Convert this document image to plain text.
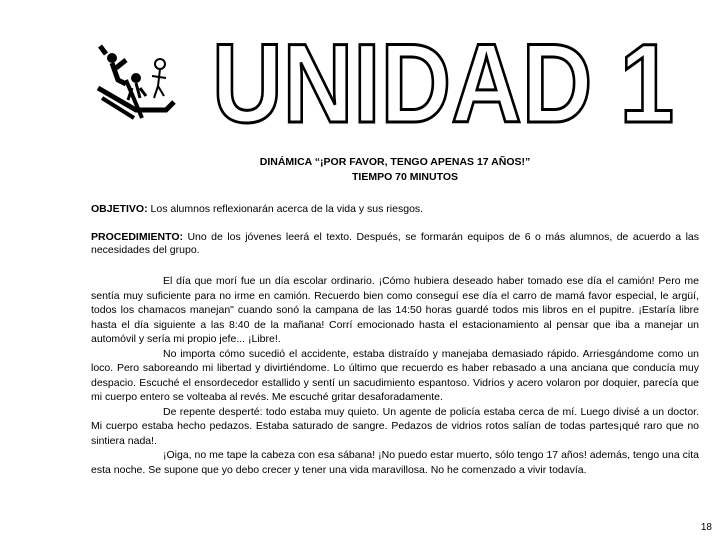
UNIDAD 1
DINÁMICA “¡POR FAVOR, TENGO APENAS 17 AÑOS!”
TIEMPO 70 MINUTOS
OBJETIVO: Los alumnos reflexionarán acerca de la vida y sus riesgos.
PROCEDIMIENTO: Uno de los jóvenes leerá el texto. Después, se formarán equipos de 6 o más alumnos, de acuerdo a las necesidades del grupo.

El día que morí fue un día escolar ordinario. ¡Cómo hubiera deseado haber tomado ese día el camión! Pero me sentía muy suficiente para no irme en camión. Recuerdo bien como conseguí ese día el carro de mamá favor especial, le argüí, todos los chamacos manejan" cuando sonó la campana de las 14:50 horas guardé todos mis libros en el pupitre. ¡Estaría libre hasta el día siguiente a las 8:40 de la mañana! Corrí emocionado hasta el estacionamiento al pensar que iba a manejar un automóvil y sería mi propio jefe... ¡Libre!.

No importa cómo sucedió el accidente, estaba distraído y manejaba demasiado rápido. Arriesgándome como un loco. Pero saboreando mi libertad y divirtiéndome. Lo último que recuerdo es haber rebasado a una anciana que conducía muy despacio. Escuché el ensordecedor estallido y sentí un sacudimiento espantoso. Vidrios y acero volaron por doquier, parecía que mi cuerpo entero se volteaba al revés. Me escuché gritar desaforadamente.

De repente desperté: todo estaba muy quieto. Un agente de policía estaba cerca de mí. Luego divisé a un doctor. Mi cuerpo estaba hecho pedazos. Estaba saturado de sangre. Pedazos de vidrios rotos salían de todas partes¡qué raro que no sintiera nada!.

¡Oiga, no me tape la cabeza con esa sábana! ¡No puedo estar muerto, sólo tengo 17 años! además, tengo una cita esta noche. Se supone que yo debo crecer y tener una vida maravillosa. No he comenzado a vivir todavía.

18
